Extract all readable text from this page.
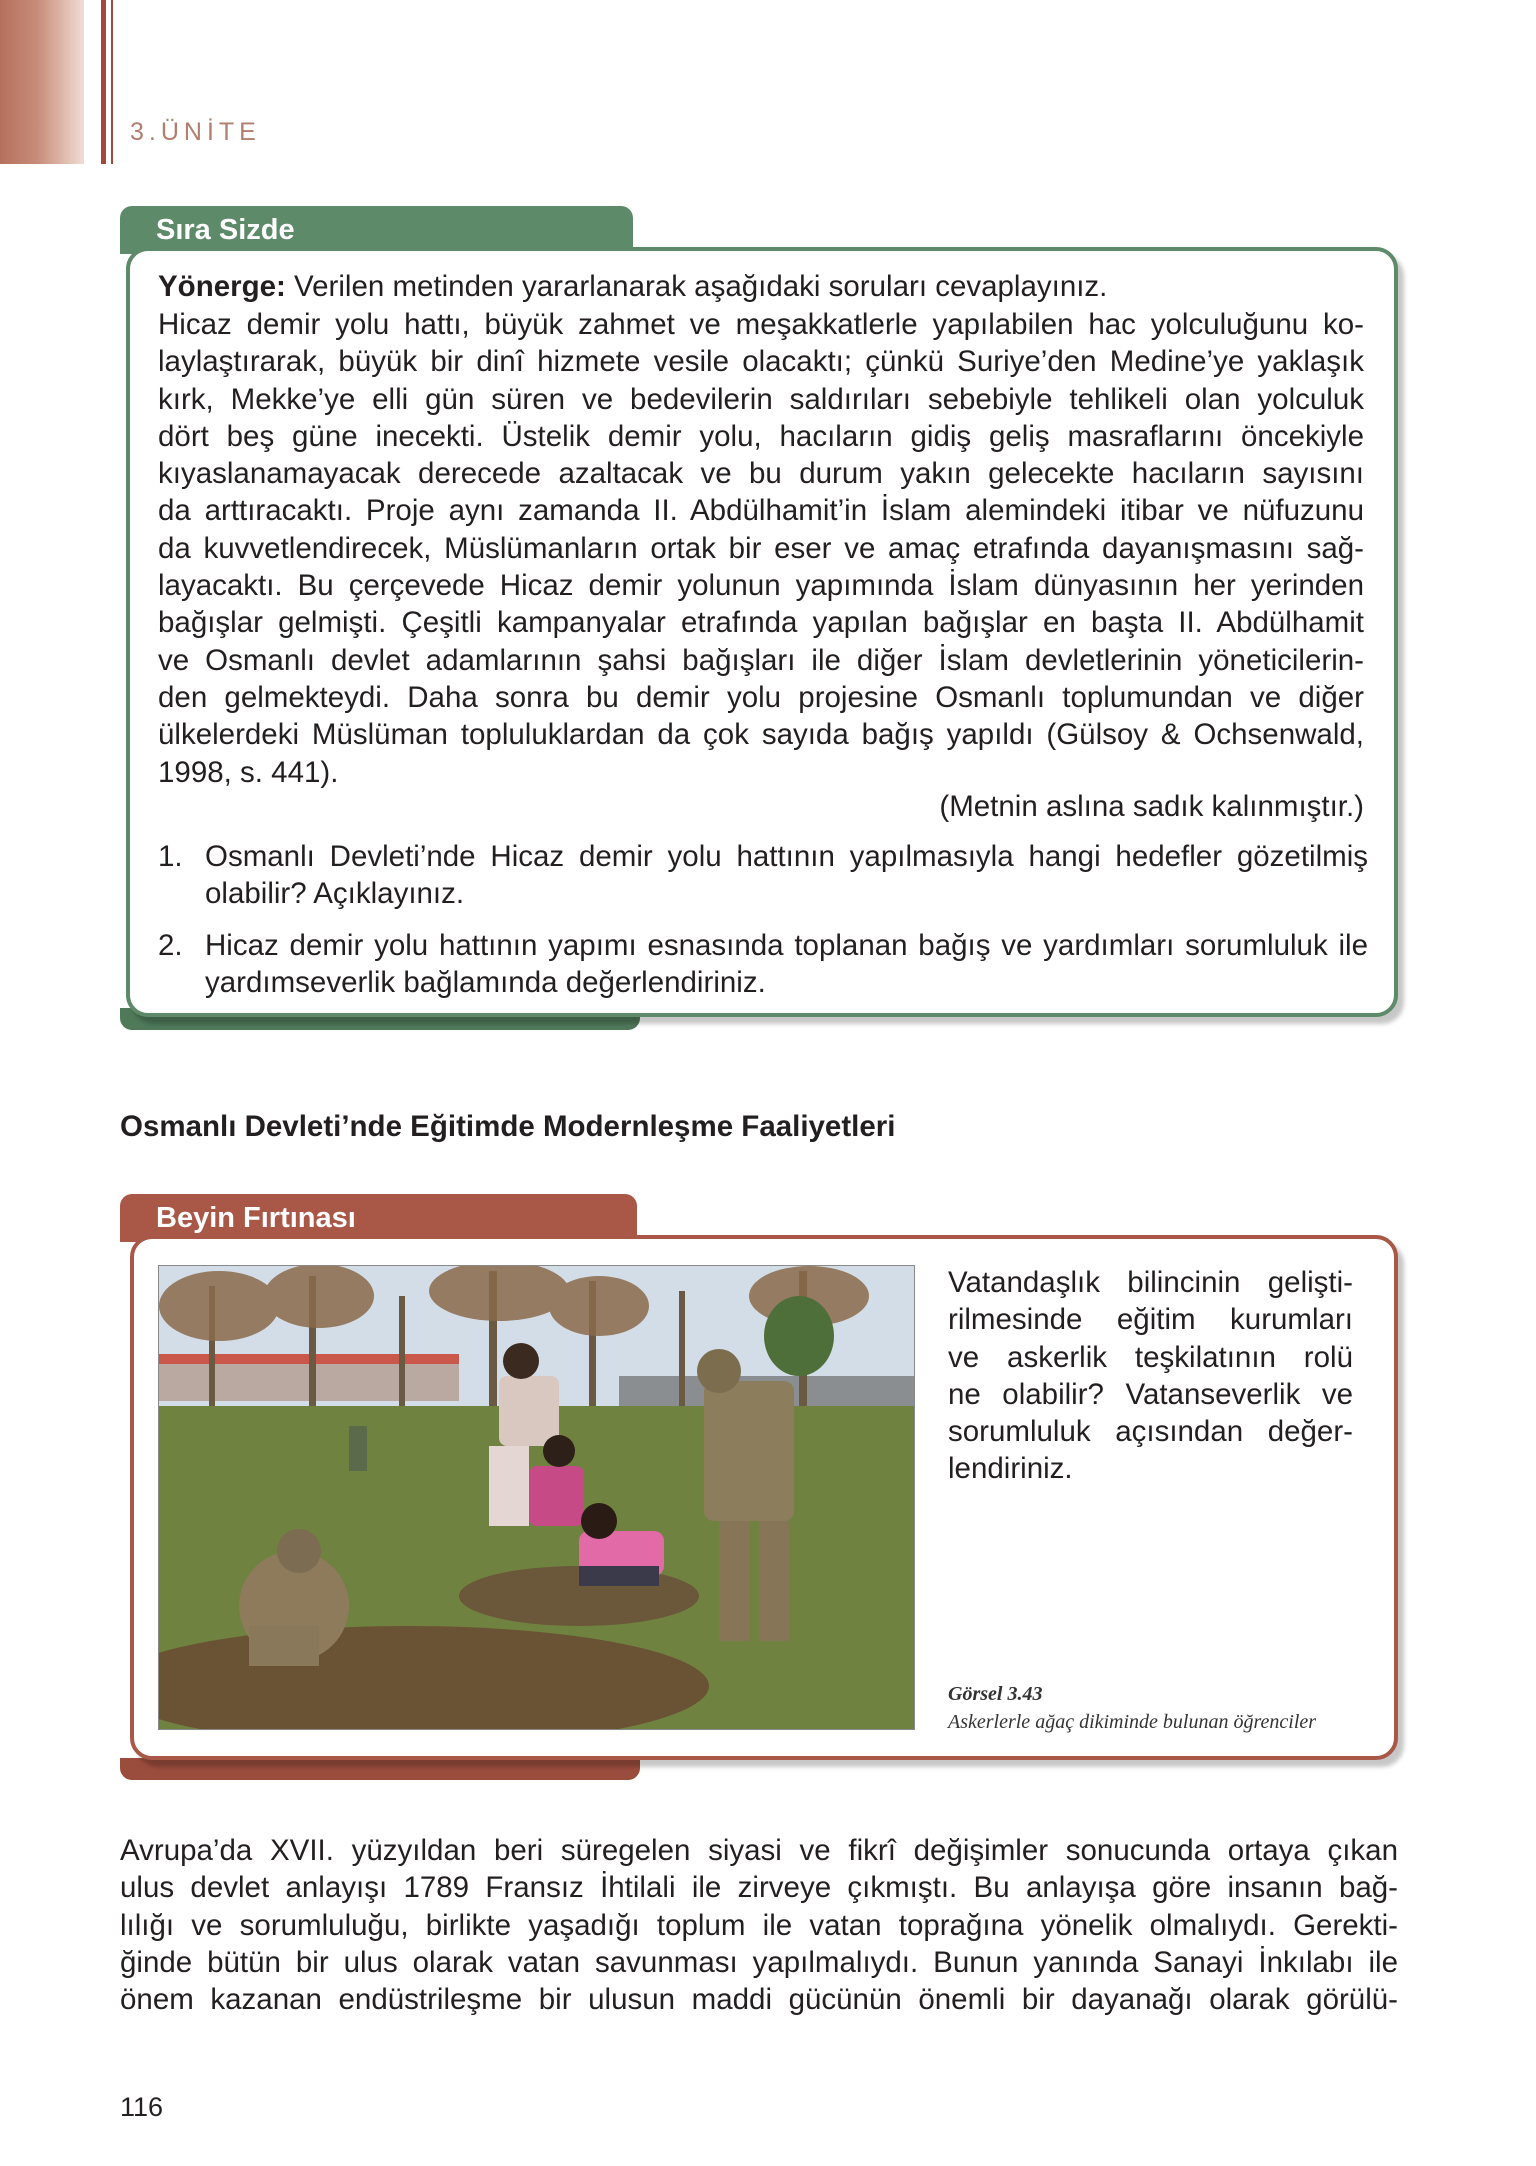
3.ÜNİTE
Sıra Sizde
Yönerge: Verilen metinden yararlanarak aşağıdaki soruları cevaplayınız.
Hicaz demir yolu hattı, büyük zahmet ve meşakkatlerle yapılabilen hac yolculuğunu ko-
laylaştırarak, büyük bir dinî hizmete vesile olacaktı; çünkü Suriye’den Medine’ye yaklaşık
kırk, Mekke’ye elli gün süren ve bedevilerin saldırıları sebebiyle tehlikeli olan yolculuk
dört beş güne inecekti. Üstelik demir yolu, hacıların gidiş geliş masraflarını öncekiyle
kıyaslanamayacak derecede azaltacak ve bu durum yakın gelecekte hacıların sayısını
da arttıracaktı. Proje aynı zamanda II. Abdülhamit’in İslam alemindeki itibar ve nüfuzunu
da kuvvetlendirecek, Müslümanların ortak bir eser ve amaç etrafında dayanışmasını sağ-
layacaktı. Bu çerçevede Hicaz demir yolunun yapımında İslam dünyasının her yerinden
bağışlar gelmişti. Çeşitli kampanyalar etrafında yapılan bağışlar en başta II. Abdülhamit
ve Osmanlı devlet adamlarının şahsi bağışları ile diğer İslam devletlerinin yöneticilerin-
den gelmekteydi. Daha sonra bu demir yolu projesine Osmanlı toplumundan ve diğer
ülkelerdeki Müslüman topluluklardan da çok sayıda bağış yapıldı (Gülsoy & Ochsenwald,
1998, s. 441).
(Metnin aslına sadık kalınmıştır.)
1. Osmanlı Devleti’nde Hicaz demir yolu hattının yapılmasıyla hangi hedefler gözetilmiş olabilir? Açıklayınız.
2. Hicaz demir yolu hattının yapımı esnasında toplanan bağış ve yardımları sorumluluk ile yardımseverlik bağlamında değerlendiriniz.
Osmanlı Devleti’nde Eğitimde Modernleşme Faaliyetleri
Beyin Fırtınası
Vatandaşlık bilincinin gelişti-
rilmesinde eğitim kurumları
ve askerlik teşkilatının rolü
ne olabilir? Vatanseverlik ve
sorumluluk açısından değer-
lendiriniz.
Görsel 3.43
Askerlerle ağaç dikiminde bulunan öğrenciler
Avrupa’da XVII. yüzyıldan beri süregelen siyasi ve fikrî değişimler sonucunda ortaya çıkan
ulus devlet anlayışı 1789 Fransız İhtilali ile zirveye çıkmıştı. Bu anlayışa göre insanın bağ-
lılığı ve sorumluluğu, birlikte yaşadığı toplum ile vatan toprağına yönelik olmalıydı. Gerekti-
ğinde bütün bir ulus olarak vatan savunması yapılmalıydı. Bunun yanında Sanayi İnkılabı ile
önem kazanan endüstrileşme bir ulusun maddi gücünün önemli bir dayanağı olarak görülü-
116
